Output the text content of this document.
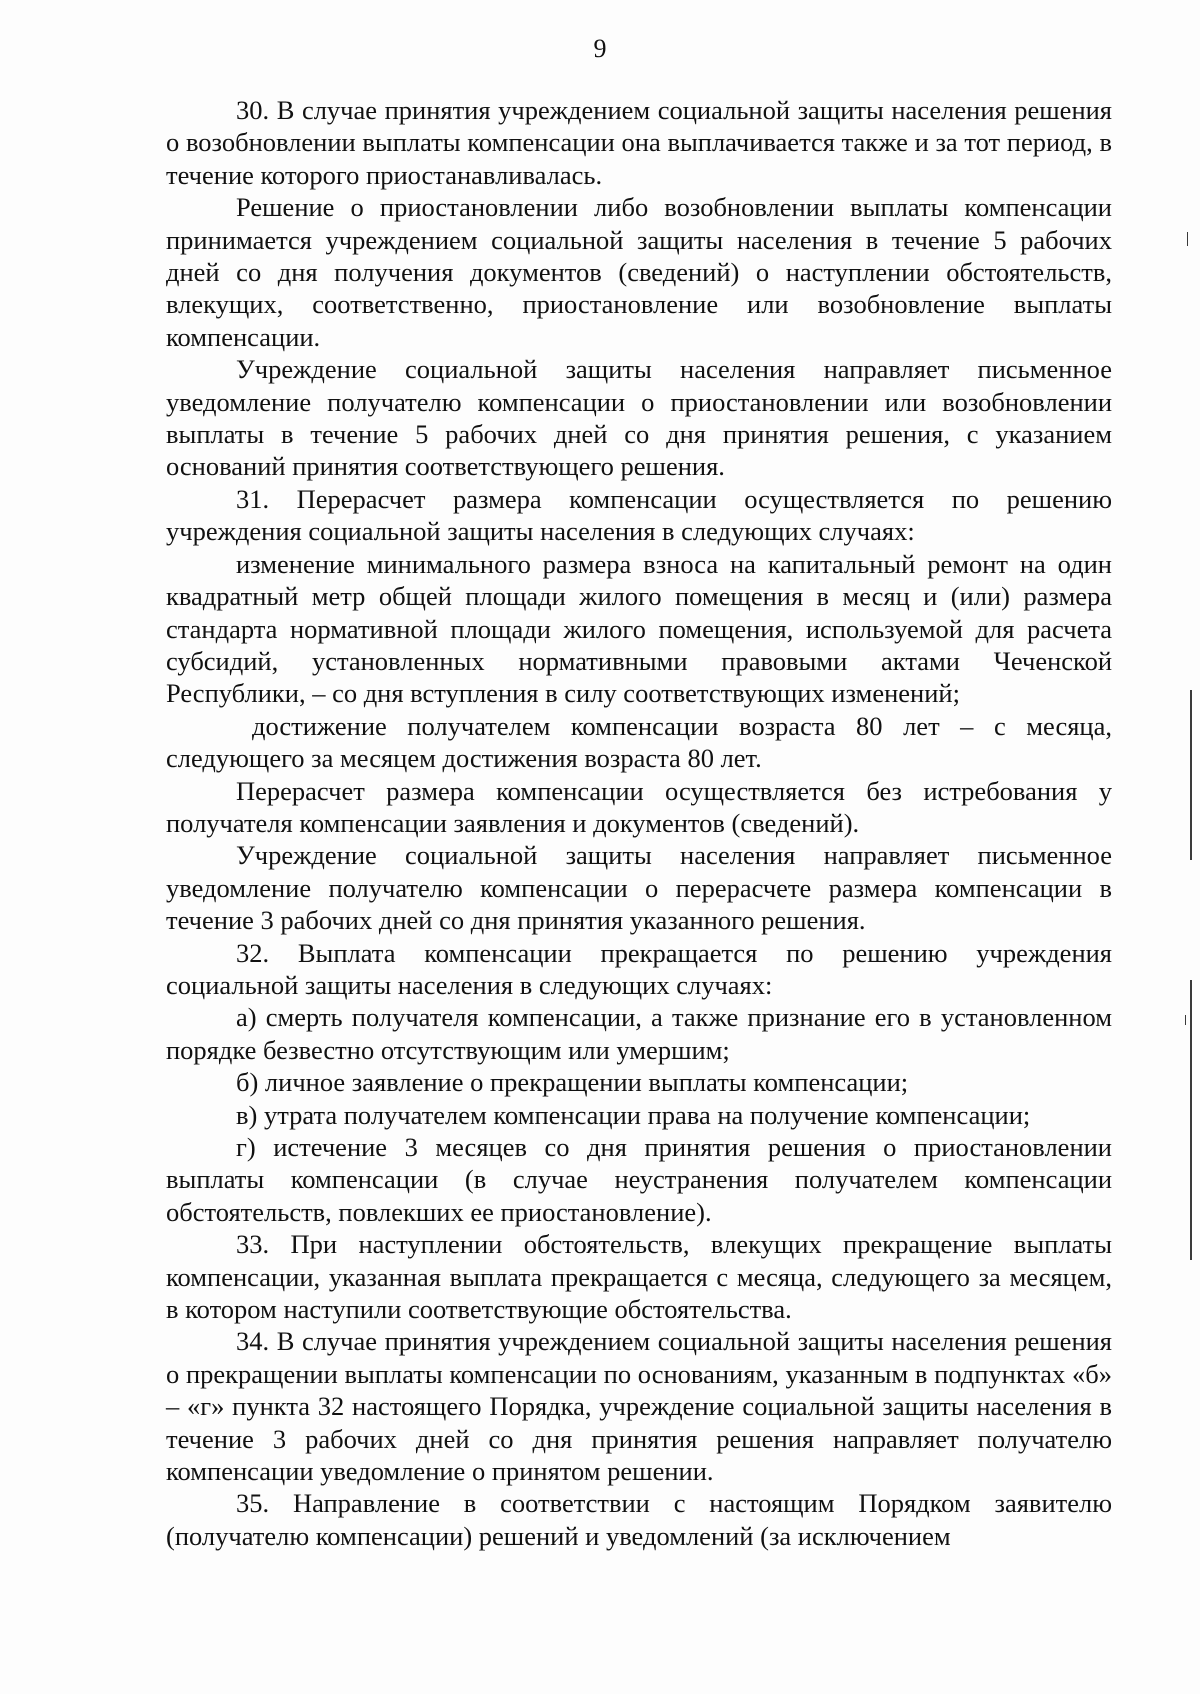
9

30. В случае принятия учреждением социальной защиты населения решения о возобновлении выплаты компенсации она выплачивается также и за тот период, в течение которого приостанавливалась.

Решение о приостановлении либо возобновлении выплаты компенсации принимается учреждением социальной защиты населения в течение 5 рабочих дней со дня получения документов (сведений) о наступлении обстоятельств, влекущих, соответственно, приостановление или возобновление выплаты компенсации.

Учреждение социальной защиты населения направляет письменное уведомление получателю компенсации о приостановлении или возобновлении выплаты в течение 5 рабочих дней со дня принятия решения, с указанием оснований принятия соответствующего решения.

31. Перерасчет размера компенсации осуществляется по решению учреждения социальной защиты населения в следующих случаях:

изменение минимального размера взноса на капитальный ремонт на один квадратный метр общей площади жилого помещения в месяц и (или) размера стандарта нормативной площади жилого помещения, используемой для расчета субсидий, установленных нормативными правовыми актами Чеченской Республики, – со дня вступления в силу соответствующих изменений;

достижение получателем компенсации возраста 80 лет – с месяца, следующего за месяцем достижения возраста 80 лет.

Перерасчет размера компенсации осуществляется без истребования у получателя компенсации заявления и документов (сведений).

Учреждение социальной защиты населения направляет письменное уведомление получателю компенсации о перерасчете размера компенсации в течение 3 рабочих дней со дня принятия указанного решения.

32. Выплата компенсации прекращается по решению учреждения социальной защиты населения в следующих случаях:

а) смерть получателя компенсации, а также признание его в установленном порядке безвестно отсутствующим или умершим;

б) личное заявление о прекращении выплаты компенсации;

в) утрата получателем компенсации права на получение компенсации;

г) истечение 3 месяцев со дня принятия решения о приостановлении выплаты компенсации (в случае неустранения получателем компенсации обстоятельств, повлекших ее приостановление).

33. При наступлении обстоятельств, влекущих прекращение выплаты компенсации, указанная выплата прекращается с месяца, следующего за месяцем, в котором наступили соответствующие обстоятельства.

34. В случае принятия учреждением социальной защиты населения решения о прекращении выплаты компенсации по основаниям, указанным в подпунктах «б» – «г» пункта 32 настоящего Порядка, учреждение социальной защиты населения в течение 3 рабочих дней со дня принятия решения направляет получателю компенсации уведомление о принятом решении.

35. Направление в соответствии с настоящим Порядком заявителю (получателю компенсации) решений и уведомлений (за исключением
